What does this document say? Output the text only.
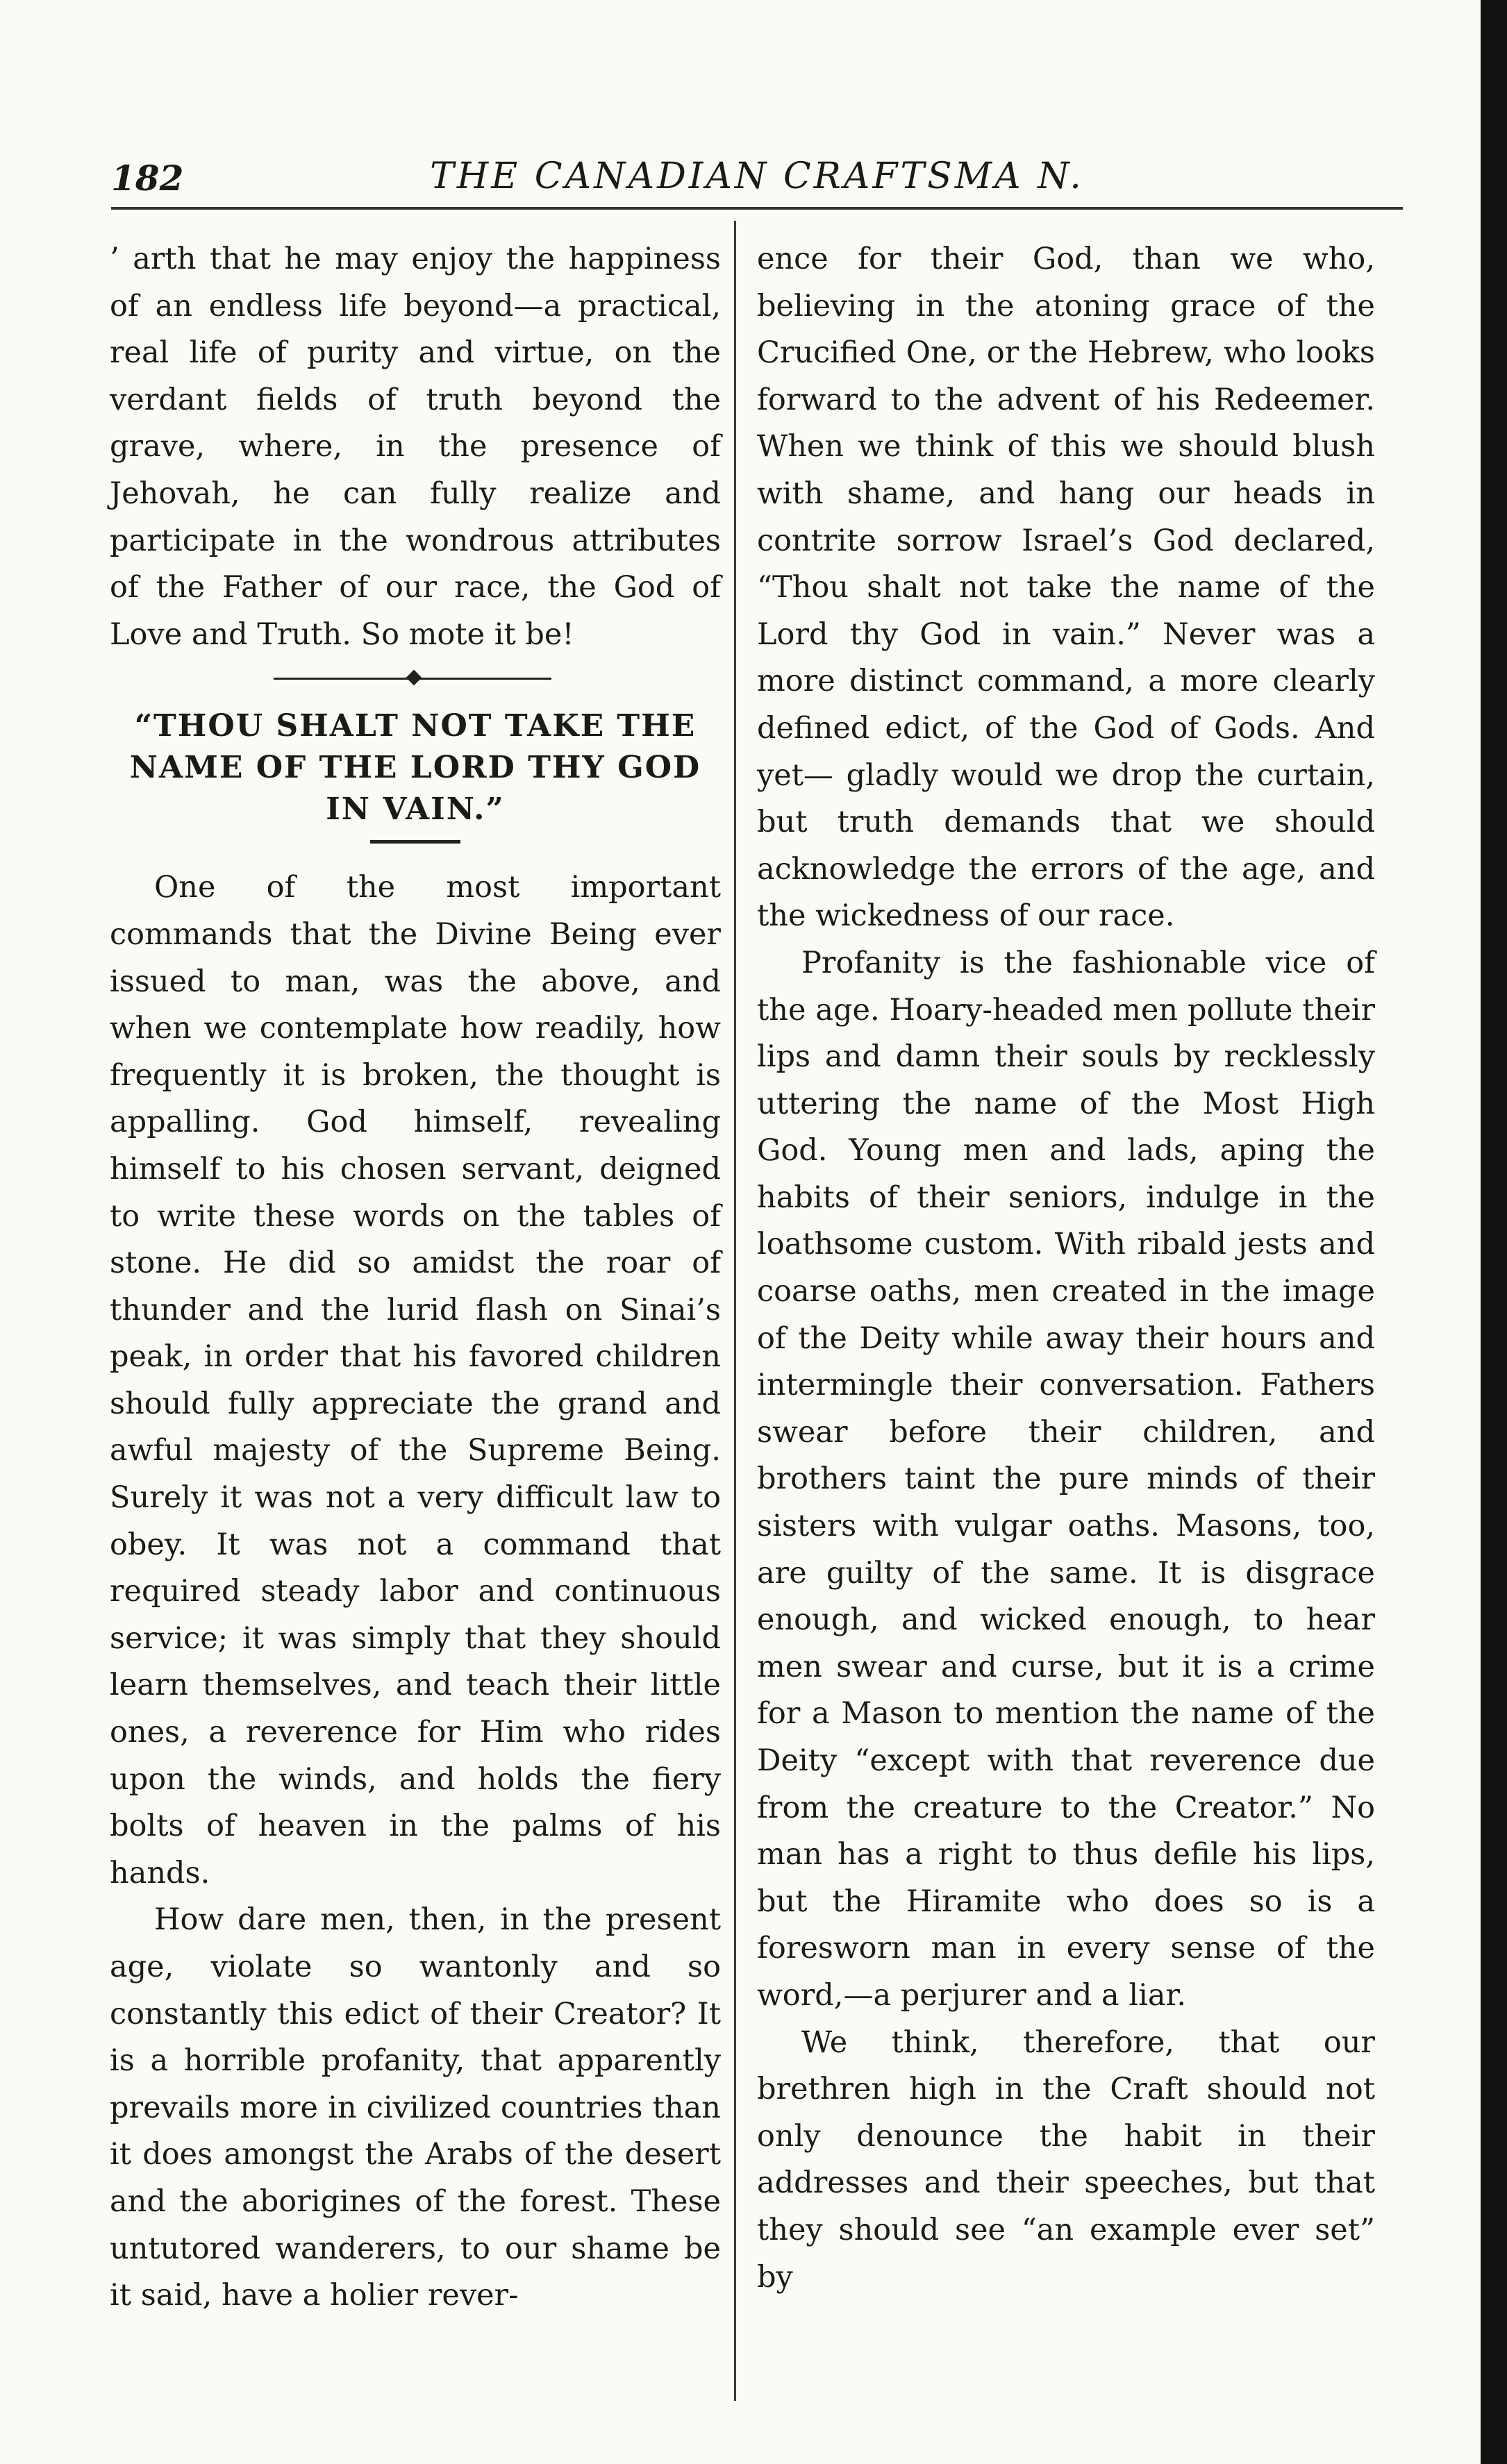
182	THE CANADIAN CRAFTSMA N.

’ arth that he may enjoy the happiness of an endless life beyond—a practical, real life of purity and virtue, on the verdant fields of truth beyond the grave, where, in the presence of Jehovah, he can fully realize and participate in the wondrous attributes of the Father of our race, the God of Love and Truth. So mote it be!

“THOU SHALT NOT TAKE THE NAME OF THE LORD THY GOD IN VAIN.”

One of the most important commands that the Divine Being ever issued to man, was the above, and when we contemplate how readily, how frequently it is broken, the thought is appalling. God himself, revealing himself to his chosen servant, deigned to write these words on the tables of stone. He did so amidst the roar of thunder and the lurid flash on Sinai’s peak, in order that his favored children should fully appreciate the grand and awful majesty of the Supreme Being. Surely it was not a very difficult law to obey. It was not a command that required steady labor and continuous service; it was simply that they should learn themselves, and teach their little ones, a reverence for Him who rides upon the winds, and holds the fiery bolts of heaven in the palms of his hands.

How dare men, then, in the present age, violate so wantonly and so constantly this edict of their Creator? It is a horrible profanity, that apparently prevails more in civilized countries than it does amongst the Arabs of the desert and the aborigines of the forest. These untutored wanderers, to our shame be it said, have a holier rever-

ence for their God, than we who, believing in the atoning grace of the Crucified One, or the Hebrew, who looks forward to the advent of his Redeemer. When we think of this we should blush with shame, and hang our heads in contrite sorrow Israel’s God declared, “Thou shalt not take the name of the Lord thy God in vain.” Never was a more distinct command, a more clearly defined edict, of the God of Gods. And yet— gladly would we drop the curtain, but truth demands that we should acknowledge the errors of the age, and the wickedness of our race.

Profanity is the fashionable vice of the age. Hoary-headed men pollute their lips and damn their souls by recklessly uttering the name of the Most High God. Young men and lads, aping the habits of their seniors, indulge in the loathsome custom. With ribald jests and coarse oaths, men created in the image of the Deity while away their hours and intermingle their conversation. Fathers swear before their children, and brothers taint the pure minds of their sisters with vulgar oaths. Masons, too, are guilty of the same. It is disgrace enough, and wicked enough, to hear men swear and curse, but it is a crime for a Mason to mention the name of the Deity “except with that reverence due from the creature to the Creator.” No man has a right to thus defile his lips, but the Hiramite who does so is a foresworn man in every sense of the word,—a perjurer and a liar.

We think, therefore, that our brethren high in the Craft should not only denounce the habit in their addresses and their speeches, but that they should see “an example ever set” by
